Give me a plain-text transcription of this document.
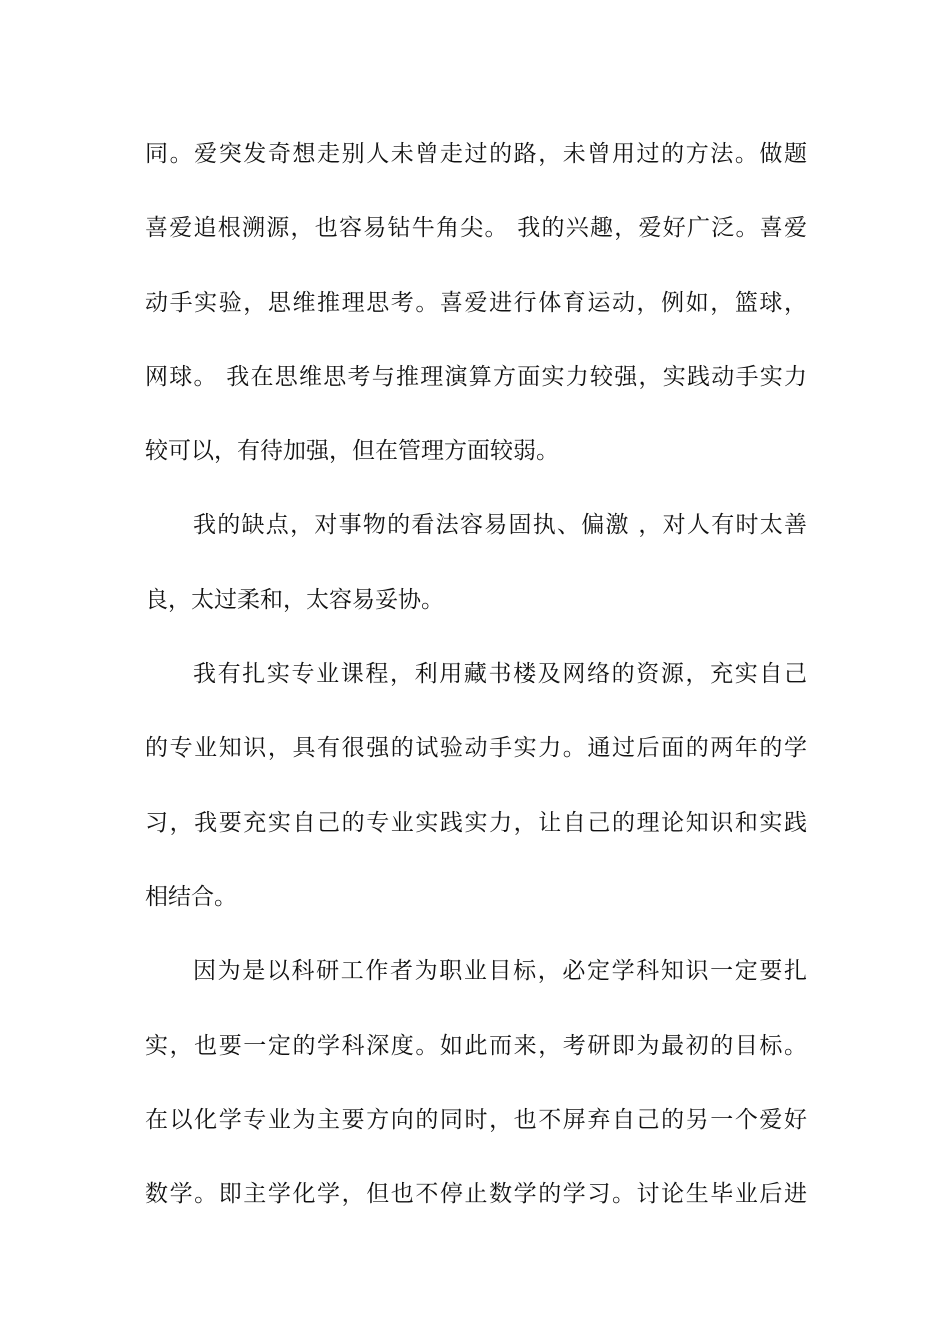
同。爱突发奇想走别人未曾走过的路，未曾用过的方法。做题
喜爱追根溯源，也容易钻牛角尖。 我的兴趣，爱好广泛。喜爱
动手实验，思维推理思考。喜爱进行体育运动，例如，篮球，
网球。 我在思维思考与推理演算方面实力较强，实践动手实力
较可以，有待加强，但在管理方面较弱。
我的缺点，对事物的看法容易固执、偏激 ，对人有时太善
良，太过柔和，太容易妥协。
我有扎实专业课程，利用藏书楼及网络的资源，充实自己
的专业知识，具有很强的试验动手实力。通过后面的两年的学
习，我要充实自己的专业实践实力，让自己的理论知识和实践
相结合。
因为是以科研工作者为职业目标，必定学科知识一定要扎
实，也要一定的学科深度。如此而来，考研即为最初的目标。
在以化学专业为主要方向的同时，也不屏弃自己的另一个爱好
数学。即主学化学，但也不停止数学的学习。讨论生毕业后进
